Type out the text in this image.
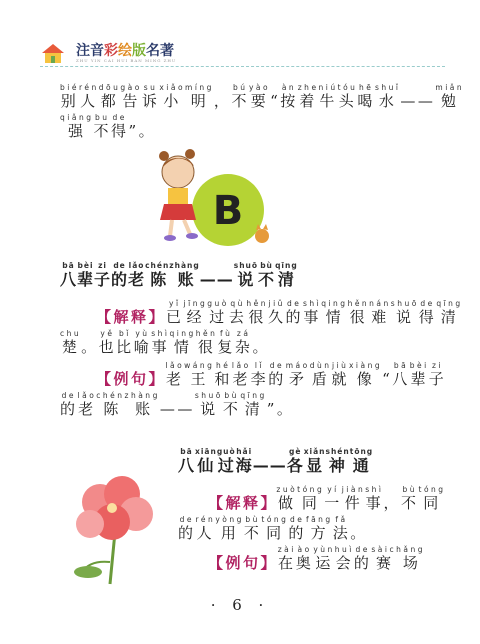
注音彩绘版名著
ZHU YIN CAI HUI BAN MING ZHU
别bié人rén都dōu告gào诉su小xiǎo明míng， 不bú要yào“ 按àn着zhe牛niú头tóu喝hē水shuǐ—— 勉miǎn
强qiǎng不bu得de”。
B
八bā辈bèi子zi的de老lǎo陈账chénzhàng—— 说shuō不bù清qīng
【解释】已yǐ经jīng过guò去qù很hěn久jiǔ的de事shì情qing很hěn难nán说shuō得de清qīng
楚chu。 也yě比bǐ喻yù事shì情qing很hěn复fù杂zá。
【例句】老lǎo王wáng和hé老lǎo李lǐ的de矛máo盾dùn就jiù像xiàng“ 八bā辈bèi子zi
的de老lǎo陈账chénzhàng—— 说shuō不bù清qīng”。
八bā仙xiān过guò海hǎi—— 各gè显xiǎn神通shéntōng
【解释】做zuò同tóng一yí件jiàn事shì， 不bù同tóng
的de人rén用yòng不bù同tóng的de方fāng法fǎ。
【例句】在zài奥ào运yùn会huì的de赛场sàichǎng
· 6 ·
